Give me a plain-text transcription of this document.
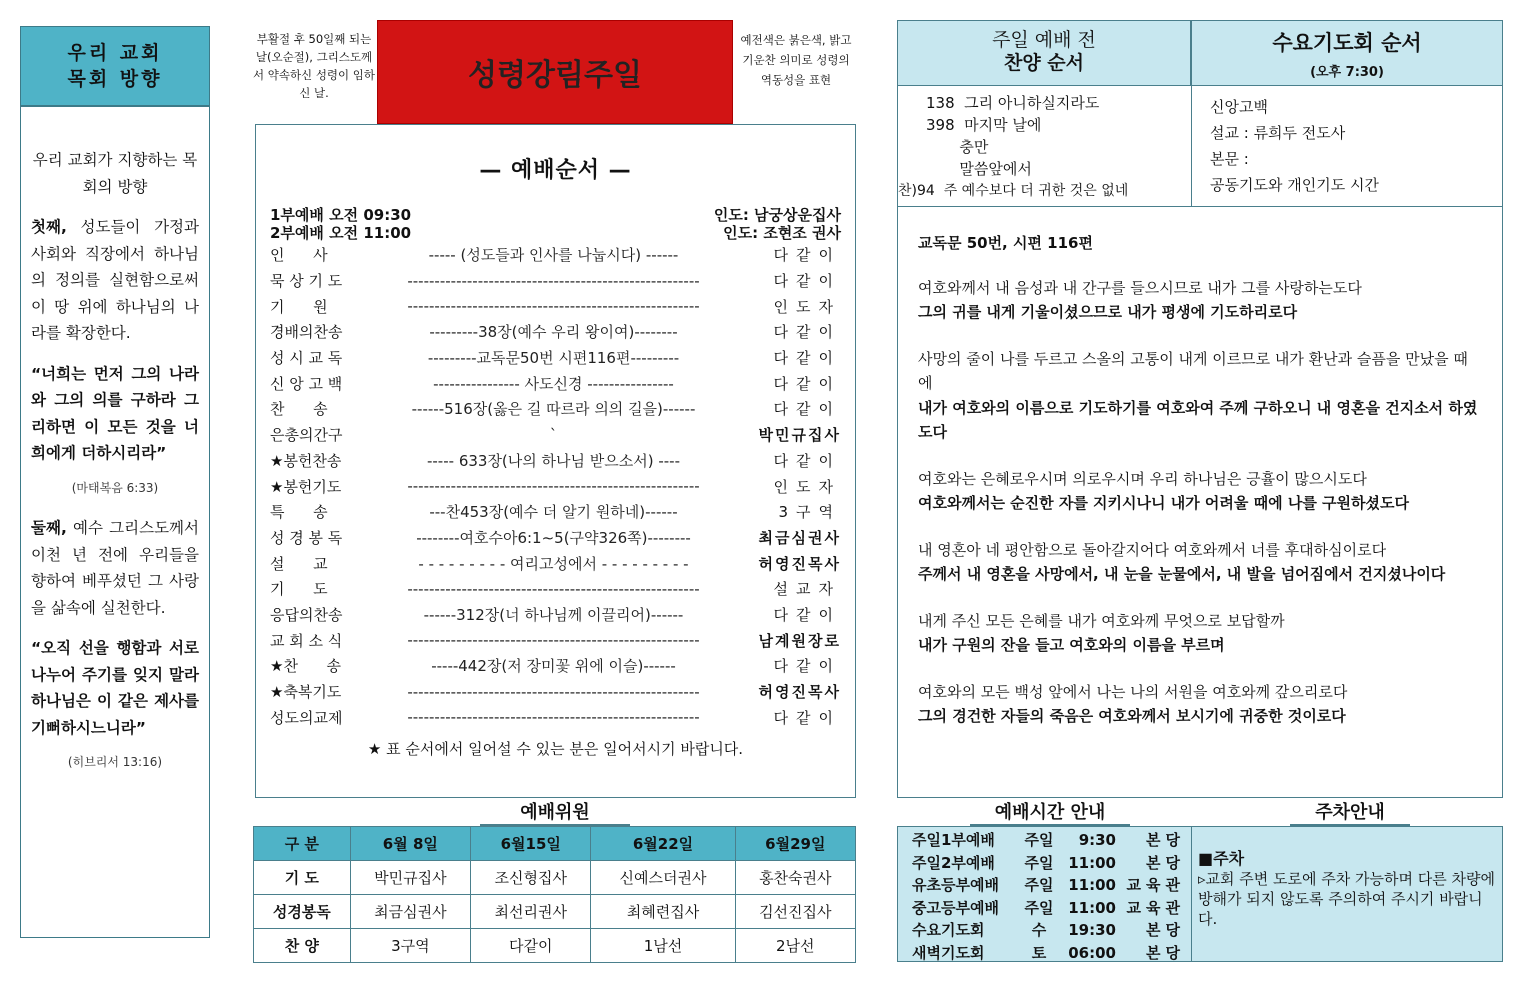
우리 교회
목회 방향

우리 교회가 지향하는 목회의 방향

첫째, 성도들이 가정과 사회와 직장에서 하나님의 정의를 실현함으로써 이 땅 위에 하나님의 나라를 확장한다.

“너희는 먼저 그의 나라와 그의 의를 구하라 그리하면 이 모든 것을 너희에게 더하시리라”

(마태복음 6:33)

둘째, 예수 그리스도께서 이천 년 전에 우리들을 향하여 베푸셨던 그 사랑을 삶속에 실천한다.

“오직 선을 행함과 서로 나누어 주기를 잊지 말라 하나님은 이 같은 제사를 기뻐하시느니라”

(히브리서 13:16)

부활절 후 50일째 되는 날(오순절), 그리스도께서 약속하신 성령이 임하신 날.	성령강림주일
예전색은 붉은색, 밝고 기운찬 의미로 성령의 역동성을 표현
— 예배순서 —
1부예배 오전 09:30	인도: 남궁상운집사
2부예배 오전 11:00	인도: 조현조 권사
인      사	----- (성도들과 인사를 나눕시다) ------	다같이
묵 상 기 도	------------------------------------------------------	다같이
기      원	------------------------------------------------------	인도자
경배의찬송	---------38장(예수 우리 왕이여)--------	다같이
성 시 교 독	---------교독문50번 시편116편---------	다같이
신 앙 고 백	---------------- 사도신경 ----------------	다같이
찬      송	------516장(옳은 길 따르라 의의 길을)------	다같이
은총의간구	`	박민규집사
★봉헌찬송	----- 633장(나의 하나님 받으소서) ----	다같이
★봉헌기도	------------------------------------------------------	인도자
특      송	---찬453장(예수 더 알기 원하네)------	3구역
성 경 봉 독	--------여호수아6:1∼5(구약326쪽)--------	최금심권사
설      교	- - - - - - - - - 여리고성에서 - - - - - - - - -	허영진목사
기      도	------------------------------------------------------	설교자
응답의찬송	------312장(너 하나님께 이끌리어)------	다같이
교 회 소 식	------------------------------------------------------	남계원장로
★찬      송	-----442장(저 장미꽃 위에 이슬)------	다같이
★축복기도	------------------------------------------------------	허영진목사
성도의교제	------------------------------------------------------	다같이
★ 표 순서에서 일어설 수 있는 분은 일어서시기 바랍니다.
예배위원
구 분	6월 8일	6월15일	6월22일	6월29일
기 도	박민규집사	조신형집사	신예스더권사	홍찬숙권사
성경봉독	최금심권사	최선리권사	최혜련집사	김선진집사
찬 양	3구역	다같이	1남선	2남선
주일 예배 전
찬양 순서
수요기도회 순서
(오후 7:30)
138  그리 아니하실지라도
398  마지막 날에
충만
말씀앞에서
찬)94  주 예수보다 더 귀한 것은 없네
신앙고백
설교 : 류희두 전도사
본문 :
공동기도와 개인기도 시간
교독문 50번, 시편 116편

여호와께서 내 음성과 내 간구를 들으시므로 내가 그를 사랑하는도다
그의 귀를 내게 기울이셨으므로 내가 평생에 기도하리로다

사망의 줄이 나를 두르고 스올의 고통이 내게 이르므로 내가 환난과 슬픔을 만났을 때에
내가 여호와의 이름으로 기도하기를 여호와여 주께 구하오니 내 영혼을 건지소서 하였도다

여호와는 은혜로우시며 의로우시며 우리 하나님은 긍휼이 많으시도다
여호와께서는 순진한 자를 지키시나니 내가 어려울 때에 나를 구원하셨도다

내 영혼아 네 평안함으로 돌아갈지어다 여호와께서 너를 후대하심이로다
주께서 내 영혼을 사망에서, 내 눈을 눈물에서, 내 발을 넘어짐에서 건지셨나이다

내게 주신 모든 은혜를 내가 여호와께 무엇으로 보답할까
내가 구원의 잔을 들고 여호와의 이름을 부르며

여호와의 모든 백성 앞에서 나는 나의 서원을 여호와께 갚으리로다
그의 경건한 자들의 죽음은 여호와께서 보시기에 귀중한 것이로다

예배시간 안내	주차안내
주일1부예배	주일	9:30	본당
주일2부예배	주일 11:00	본당
유초등부예배	주일 11:00 교육관
중고등부예배	주일 11:00 교육관
수요기도회	수	19:30	본당
새벽기도회	토	06:00	본당
■주차
▹교회 주변 도로에 주차 가능하며 다른 차량에 방해가 되지 않도록 주의하여 주시기 바랍니다.
